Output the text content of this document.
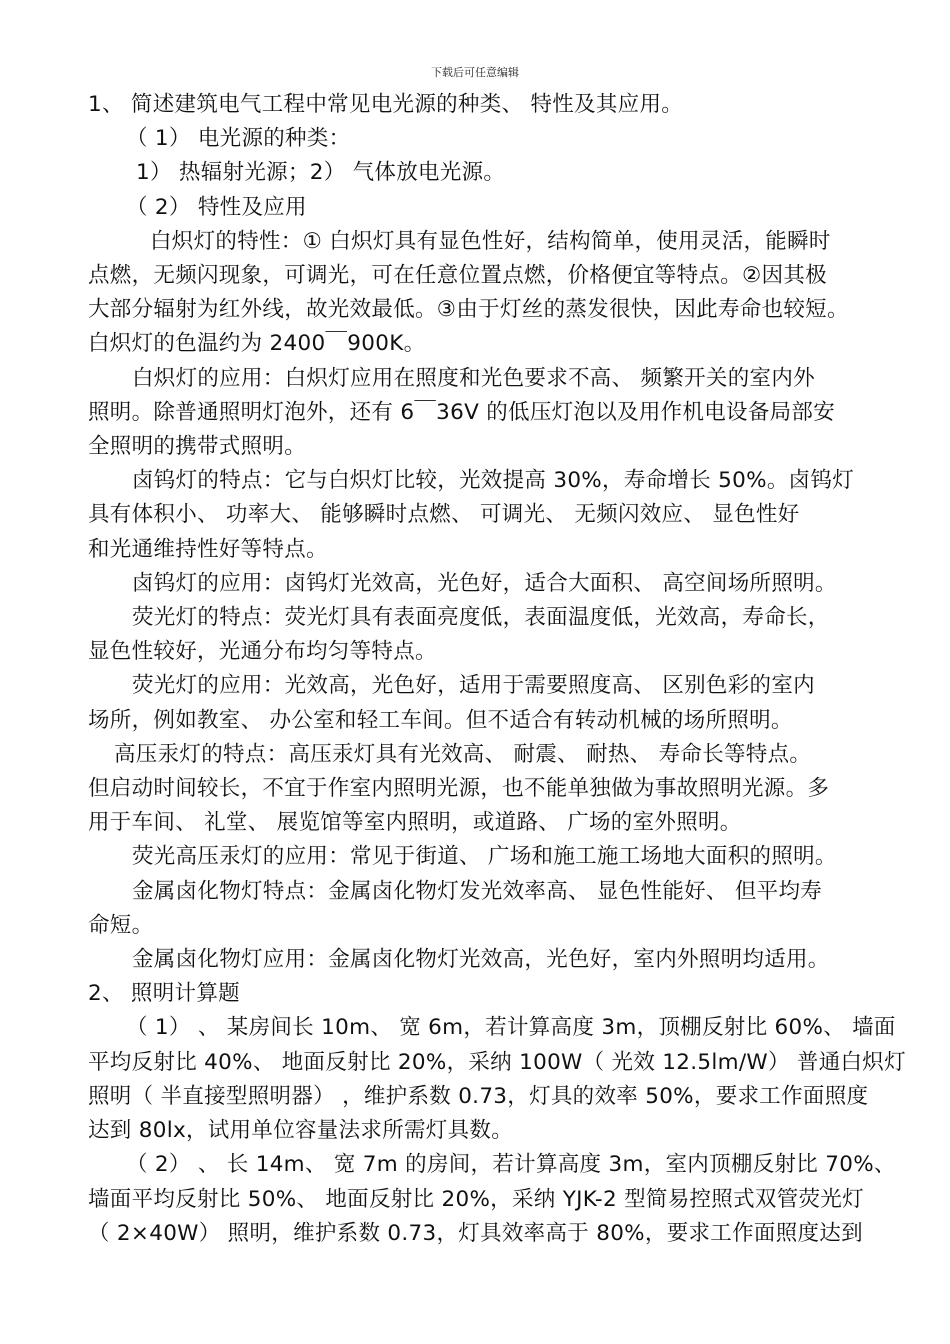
下载后可任意编辑
1、 简述建筑电气工程中常见电光源的种类、 特性及其应用。
（ 1） 电光源的种类：
1） 热辐射光源；2） 气体放电光源。
（ 2） 特性及应用
白炽灯的特性：① 白炽灯具有显色性好，结构简单，使用灵活，能瞬时
点燃，无频闪现象，可调光，可在任意位置点燃，价格便宜等特点。②因其极
大部分辐射为红外线，故光效最低。③由于灯丝的蒸发很快，因此寿命也较短。
白炽灯的色温约为 2400￣900K。
白炽灯的应用：白炽灯应用在照度和光色要求不高、 频繁开关的室内外
照明。除普通照明灯泡外，还有 6￣36V 的低压灯泡以及用作机电设备局部安
全照明的携带式照明。
卤钨灯的特点：它与白炽灯比较，光效提高 30%，寿命增长 50%。卤钨灯
具有体积小、 功率大、 能够瞬时点燃、 可调光、 无频闪效应、 显色性好
和光通维持性好等特点。
卤钨灯的应用：卤钨灯光效高，光色好，适合大面积、 高空间场所照明。
荧光灯的特点：荧光灯具有表面亮度低，表面温度低，光效高，寿命长，
显色性较好，光通分布均匀等特点。
荧光灯的应用：光效高，光色好，适用于需要照度高、 区别色彩的室内
场所，例如教室、 办公室和轻工车间。但不适合有转动机械的场所照明。
高压汞灯的特点：高压汞灯具有光效高、 耐震、 耐热、 寿命长等特点。
但启动时间较长，不宜于作室内照明光源，也不能单独做为事故照明光源。多
用于车间、 礼堂、 展览馆等室内照明，或道路、 广场的室外照明。
荧光高压汞灯的应用：常见于街道、 广场和施工施工场地大面积的照明。
金属卤化物灯特点：金属卤化物灯发光效率高、 显色性能好、 但平均寿
命短。
金属卤化物灯应用：金属卤化物灯光效高，光色好，室内外照明均适用。
2、 照明计算题
（ 1） 、 某房间长 10m、 宽 6m，若计算高度 3m，顶棚反射比 60%、 墙面
平均反射比 40%、 地面反射比 20%，采纳 100W（ 光效 12.5lm/W） 普通白炽灯
照明（ 半直接型照明器） ，维护系数 0.73，灯具的效率 50%，要求工作面照度
达到 80lx，试用单位容量法求所需灯具数。
（ 2） 、 长 14m、 宽 7m 的房间，若计算高度 3m，室内顶棚反射比 70%、
墙面平均反射比 50%、 地面反射比 20%，采纳 YJK-2 型简易控照式双管荧光灯
（ 2×40W） 照明，维护系数 0.73，灯具效率高于 80%，要求工作面照度达到
